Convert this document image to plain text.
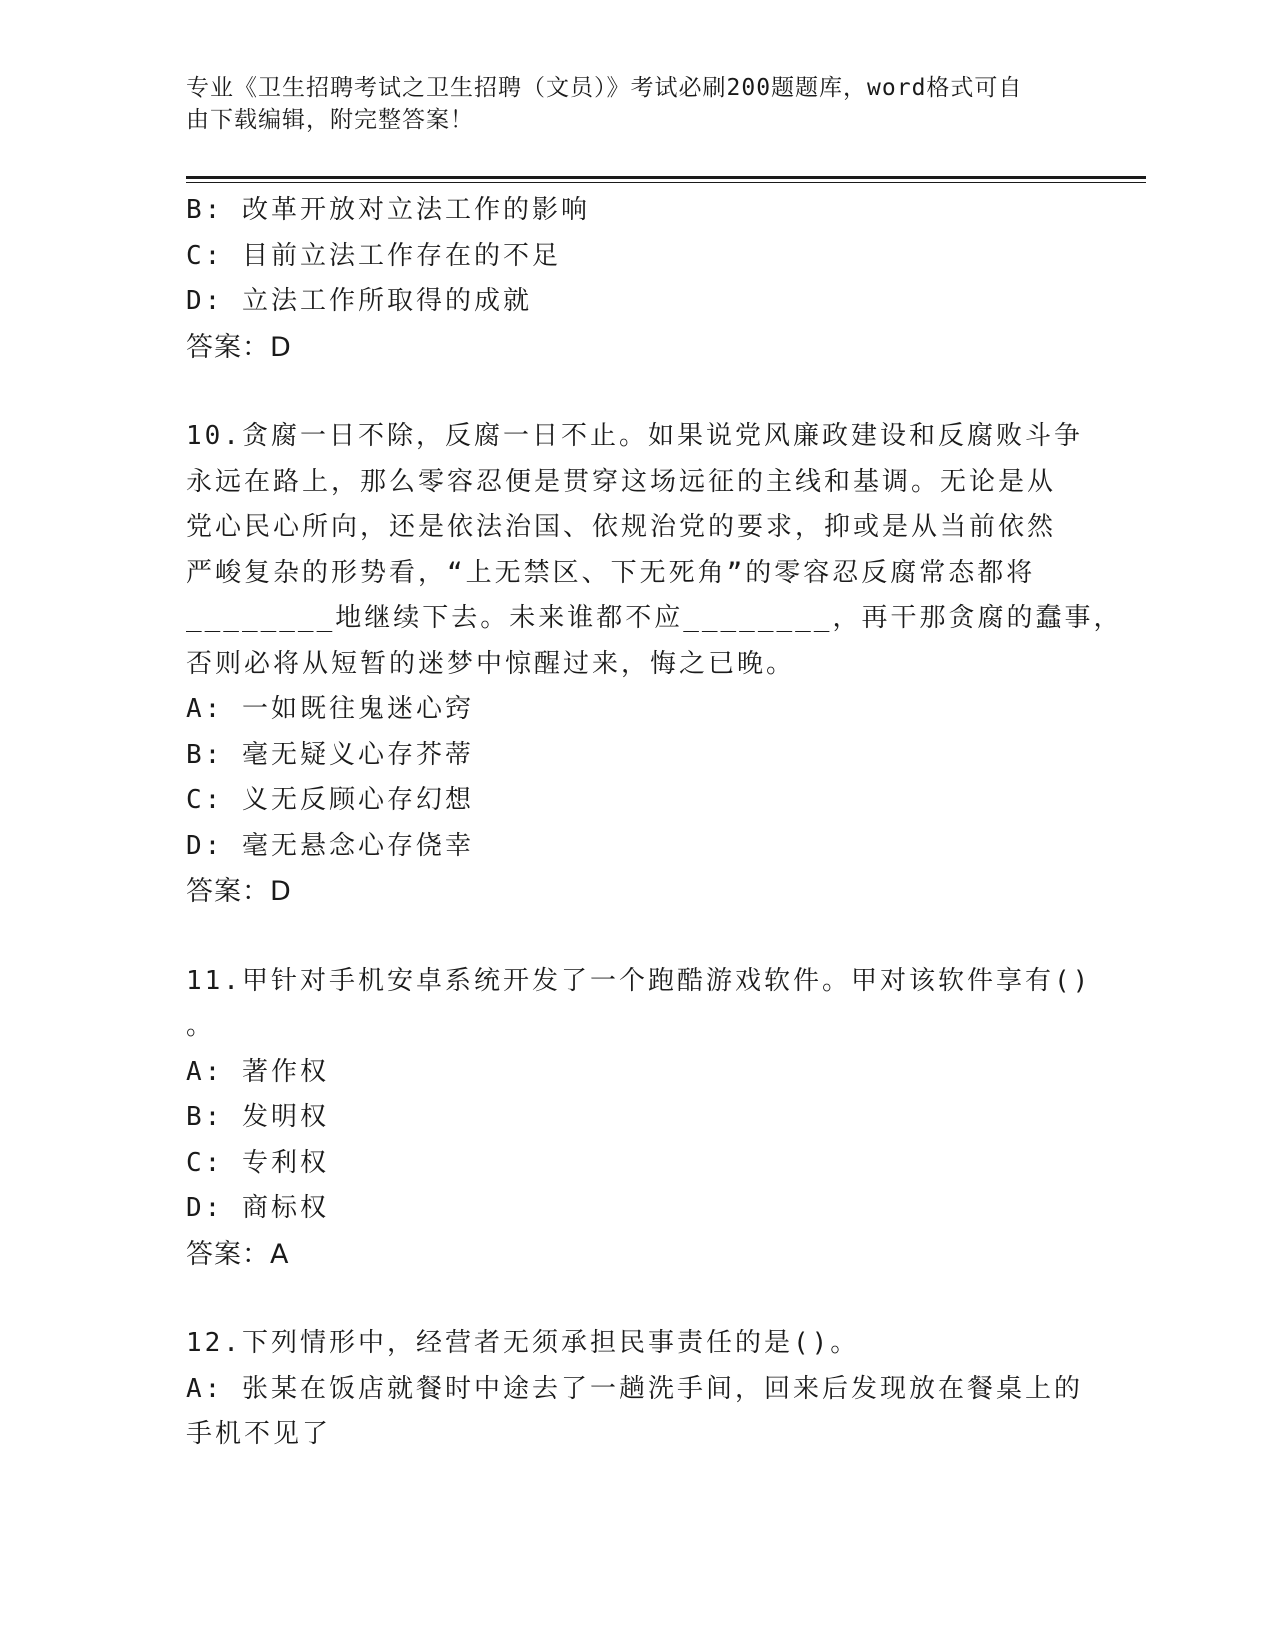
专业《卫生招聘考试之卫生招聘（文员）》考试必刷200题题库，word格式可自
由下载编辑，附完整答案！
B: 改革开放对立法工作的影响
C: 目前立法工作存在的不足
D: 立法工作所取得的成就
答案：D
10.贪腐一日不除，反腐一日不止。如果说党风廉政建设和反腐败斗争
永远在路上，那么零容忍便是贯穿这场远征的主线和基调。无论是从
党心民心所向，还是依法治国、依规治党的要求，抑或是从当前依然
严峻复杂的形势看，“上无禁区、下无死角”的零容忍反腐常态都将
________地继续下去。未来谁都不应________，再干那贪腐的蠢事，
否则必将从短暂的迷梦中惊醒过来，悔之已晚。
A: 一如既往鬼迷心窍
B: 毫无疑义心存芥蒂
C: 义无反顾心存幻想
D: 毫无悬念心存侥幸
答案：D
11.甲针对手机安卓系统开发了一个跑酷游戏软件。甲对该软件享有()
。
A: 著作权
B: 发明权
C: 专利权
D: 商标权
答案：A
12.下列情形中，经营者无须承担民事责任的是()。
A: 张某在饭店就餐时中途去了一趟洗手间，回来后发现放在餐桌上的
手机不见了
